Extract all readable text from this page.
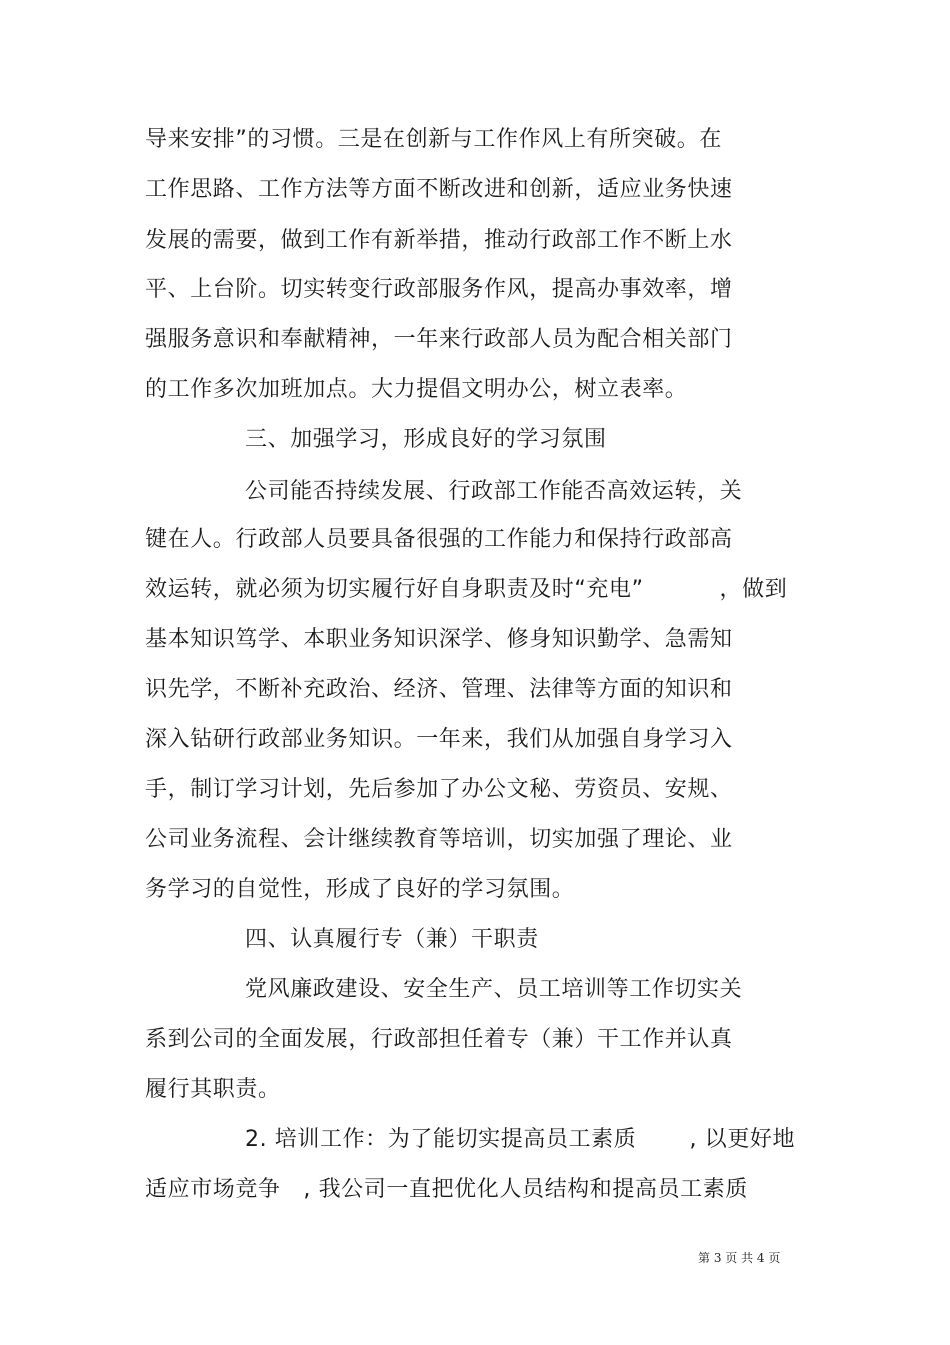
导来安排”的习惯。三是在创新与工作作风上有所突破。在
工作思路、工作方法等方面不断改进和创新，适应业务快速
发展的需要，做到工作有新举措，推动行政部工作不断上水
平、上台阶。切实转变行政部服务作风，提高办事效率，增
强服务意识和奉献精神，一年来行政部人员为配合相关部门
的工作多次加班加点。大力提倡文明办公，树立表率。
三、加强学习，形成良好的学习氛围
公司能否持续发展、行政部工作能否高效运转，关
键在人。行政部人员要具备很强的工作能力和保持行政部高
效运转，就必须为切实履行好自身职责及时“充电”          ，做到
基本知识笃学、本职业务知识深学、修身知识勤学、急需知
识先学，不断补充政治、经济、管理、法律等方面的知识和
深入钻研行政部业务知识。一年来，我们从加强自身学习入
手，制订学习计划，先后参加了办公文秘、劳资员、安规、
公司业务流程、会计继续教育等培训，切实加强了理论、业
务学习的自觉性，形成了良好的学习氛围。
四、认真履行专（兼）干职责
党风廉政建设、安全生产、员工培训等工作切实关
系到公司的全面发展，行政部担任着专（兼）干工作并认真
履行其职责。
2. 培训工作：为了能切实提高员工素质       , 以更好地
适应市场竞争   , 我公司一直把优化人员结构和提高员工素质
第 3 页 共 4 页
